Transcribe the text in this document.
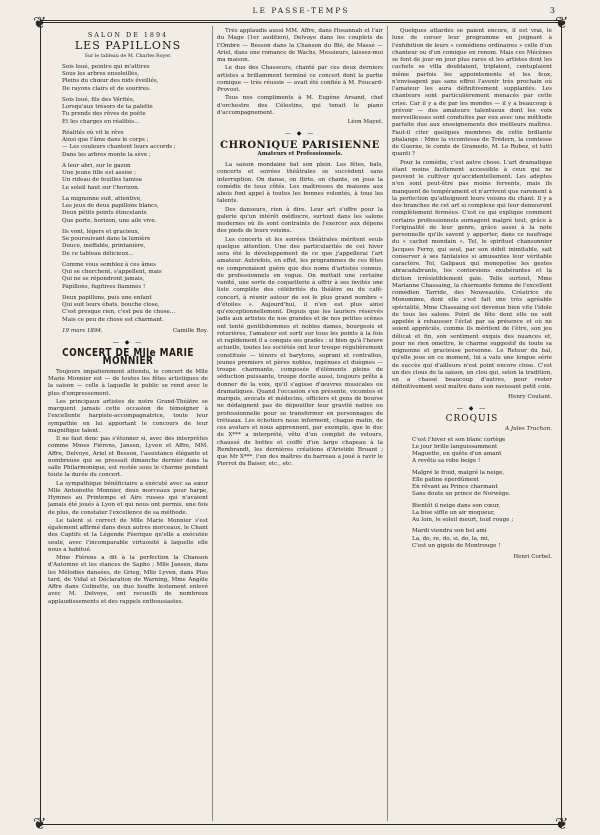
LE PASSE-TEMPS	3
❦	❦
❦	❦
SALON DE 1894
LES PAPILLONS
Sur le tableau de M. Charles Royer.

Sois loué, peintre qui m'attires

Sous les arbres ensoleillés,

Pleins du chœur des nids éveillés,

De rayons clairs et de sourires.

Sois loué, fils des Vérités,

Lorsqu'aux trésors de ta palette

Tu prends des rêves de poète

Et les charges en réalités...

Réalités où vit le rêve

Ainsi que l'âme dans le corps ;

— Les couleurs chantent leurs accords ;

Dans les arbres monte la sève ;

A leur abri, sur le gazon

Une jeune fille est assise ;

Un rideau de feuilles tamise

Le soleil haut sur l'horizon.

La mignonne suit, attentive,

Les jeux de deux papillons blancs,

Deux pétits points étincelants

Que porte, horizon, une aile vive.

Ils vont, légers et gracieux,

Se poursuivant dans la lumière

Douce, ineffable, printanière,

De ce tableau délicieux...

Comme vous semblez à ces âmes

Qui se cherchent, s'appellent, mais

Qui ne se répondront jamais,

Papillons, fugitives flammes !

Deux papillons, puis une enfant

Qui suit leurs ébats, bouche close,

C'est presque rien, c'est peu de chose...

Mais ce peu de chose est charmant.

19 mars 1894.	Camille Roy.
— ◆ —
CONCERT DE Mlle MARIE MONNIER

Toujours impatiemment attendu, le concert de Mlle Marie Monnier est — de toutes les fêtes artistiques de la saison — celle à laquelle le public se rend avec le plus d'empressement.

Les principaux artistes de notre Grand-Théâtre se marquent jamais cette occasion de témoigner à l'excellente harpiste-accompagnatrice, toute leur sympathie en lui apportant le concours de leur magnifique talent.

Il ne faut donc pas s'étonner si, avec des interprètes comme Mmes Fiérens, Jansen, Lyven et Affre, MM. Affre, Delvoye, Ariel et Besson, l'assistance élégante et nombreuse qui se pressait dimanche dernier dans la salle Philarmonique, est restée sous le charme pendant toute la durée du concert.

La sympathique bénéficiaire a exécuté avec sa sœur Mlle Antoinette Monnier, deux morceaux pour harpe, Hymnes au Printemps et Airs russes qui n'avaient jamais été joués à Lyon et qui nous ont permis, une fois de plus, de constater l'excellence de sa méthode.

Le talent si correct de Mlle Marie Monnier s'est également affirmé dans deux autres morceaux, le Chant des Captifs et la Légende Féerique qu'elle a exécutée seule, avec l'incomparable virtuosité à laquelle elle nous a habitué.

Mme Fiérens a dit à la perfection la Chanson d'Automne et les stances de Sapho ; Mlle Jansen, dans les Mélodies dansées, de Grieg, Mlle Lyven, dans Plus tard, de Vidal et Déclaration de Warning, Mme Angèle Affre dans Colinette, un duo bouffe lestement enlevé avec M. Delvoye, ont recueilli de nombreux applaudissements et des rappels enthousiastes.

Très applaudis aussi MM. Affre, dans Hosannah et l'air du Mage (1er audition), Delvoye dans les couplets de l'Ombre — Besson dans la Chanson du Blé, de Massé — Ariel, dans une romance de Wachs, Messieurs, laissez-moi ma maison.

Le duo des Chasseurs, chanté par ces deux derniers artistes a brillamment terminé ce concert dont la partie comique — très réussie — avait été confiée à M. Foucard-Provost.

Tous nos compliments à M. Eugène Arsand, chef d'orchestre des Célestins, qui tenait le piano d'accompagnement.

Léon Mayet.
— ◆ —
CHRONIQUE PARISIENNE
Amateurs et Professionnels.

La saison mondaine bat son plein. Les fêtes, bals, concerts et soirées théâtrales se succèdent sans interruption. On danse, on flirte, on chante, on joue la comédie de tous côtés. Les maîtresses de maisons aux abois font appel à toutes les bonnes volontés, à tous les talents.

Des danseurs, rien à dire. Leur art s'offre pour la galerie qu'un intérêt médiocre, surtout dans les salons modernes où ils sont contraints de l'exercer aux dépens des pieds de leurs voisins.

Les concerts et les soirées théâtrales méritent seuls quelque attention. Une des particularités de cet hiver sera été le développement de ce que j'appellerai l'art amateur. Autrefois, en effet, les programmes de ces fêtes ne comprenaient guère que des noms d'artistes connus, de professionnels en vogue. On mettait une certaine vanité, une sorte de coquetterie à offrir à ses invités une liste complète des célébrités du théâtre ou du café-concert, à réunir autour de soi le plus grand nombre « d'étoiles ». Aujourd'hui, il n'en est plus ainsi qu'exceptionnellement. Depuis que les lauriers réservés jadis aux artistes de nos grandes et de nos petites scènes ont tenté gentilshommes et nobles dames, bourgeois et roturières, l'amateur est sorti sur tous les points à la fois et rapidement il a conquis ses grades : si bien qu'à l'heure actuelle, toutes les sociétés ont leur troupe régulièrement constituée — ténors et barytons, soprani et contraltos, jeunes premiers et pères nobles, ingénues et duègnes — troupe charmante, composée d'éléments pleins de séduction puissante, troupe docile aussi, toujours prête à donner de la voix, qu'il s'agisse d'œuvres musicales ou dramatiques. Quand l'occasion s'en présente, vicomtes et marquis, avocats et médecins, officiers et gens de bourse ne dédaignent pas de dépouiller leur gravité native ou professionnelle pour se transformer en personnages de tréteaux. Les échotiers nous informent, chaque matin, de ces avatars et nous apprennent, par exemple, que le duc de X*** a interprété, vêtu d'un complet de velours, chaussé de bottes et coiffé d'un large chapeau à la Rembrandt, les dernières créations d'Aristide Bruant ; que Mr X***, l'un des maîtres du barreau a joué à ravir le Pierrot du Baiser, etc., etc.

Quelques attardés se paient encore, il est vrai, le luxe de corser leur programme en joignant à l'exhibition de leurs « comédiens ordinaires » celle d'un chanteur ou d'un comique en renom. Mais ces Mécènes se font de jour en jour plus rares et les artistes dont les cachets se villa doublaient, triplaient, centuplaient même parfois les appointements et les feux, n'envisagent pas sans effroi l'avenir très prochain où l'amateur les aura définitivement supplantés. Les chanteurs sont particulièrement menacés par cette crise. Car il y a de par les mondes — il y a beaucoup à prévoir — des amateurs talentueux dont les voix merveilleuses sont conduites par eux avec une méthode parfaite due aux enseignements des meilleurs maîtres. Faut-il citer quelques membres de cette brillante phalange : Mme la vicomtesse de Trédern, la comtesse de Guerne, le comte de Gramedo, M. Le Rubez, et tutti quanti ?

Pour la comédie, c'est autre chose. L'art dramatique étant moins facilement accessible à ceux qui ne peuvent le cultiver qu'accidentellement. Les adeptes n'en sont peut-être pas moins fervents, mais ils manquent de tempérament et n'arrivent que rarement à la perfection qu'atteignent leurs voisins du chant. Il y a des branches de cet art si complexe qui leur demeurent complètement fermées. C'est ce qui explique comment certains professionnels surnagent malgré tout, grâce à l'originalité de leur genre, grâce aussi à la note personnelle qu'ils savent y apporter, dans ce naufrage du « cachet mondain ». Tel, le spirituel chansonnier Jacques Ferny, qui seul, par son débit inimitable, sait conserver à ses fantaisies si amusantes leur véritable caractère. Tel, Galipaux qui monopolise les gestes abracadabrants, les contorsions exubérantes et la diction irrésistiblement gaie. Telle surtout, Mme Marianne Chassaing, la charmante femme de l'excellent comédien Tarride, des Nouveautés. Créatrice du Monomime, dont elle s'est fait une très agréable spécialité, Mme Chassaing est devenue bien vite l'idole de tous les salons. Point de fête dont elle ne soit appelée à rehausser l'éclat par sa présence et où ne soient appréciés, comme ils méritent de l'être, son jeu délicat et fin, son sentiment exquis des nuances et, pour ne rien omettre, le charme suggestif de toute sa mignonne et gracieuse personne. Le Retour du bal, qu'elle joue en ce moment, lui a valu une longue série de succès qui d'ailleurs n'est point encore close. C'est un des clous de la saison, un clou qui, selon la tradition, en a chassé beaucoup d'autres, pour rester définitivement seul maître dans son ravissant petit coin.

Henry Coutant.
— ◆ —
CROQUIS
A Jules Truchon.

C'est l'hiver et son blanc cortège

Le jour brille languissamment

Maguette, en quête d'un amant

A revêtu sa robe beige !

Malgré le froid, malgré la neige,

Elle patine éperdûment

En rêvant au Prince charmant

Sans doute un prince de Norwège.

Bientôt il neige dans son cœur,

La bise siffle un air moqueur,

Au loin, le soleil meurt, tout rouge ;

Mardi viendra son bel ami

La, do, re, do, si, do, la, mi,

C'est un gigolo de Montrouge !

Henri Corbel.
